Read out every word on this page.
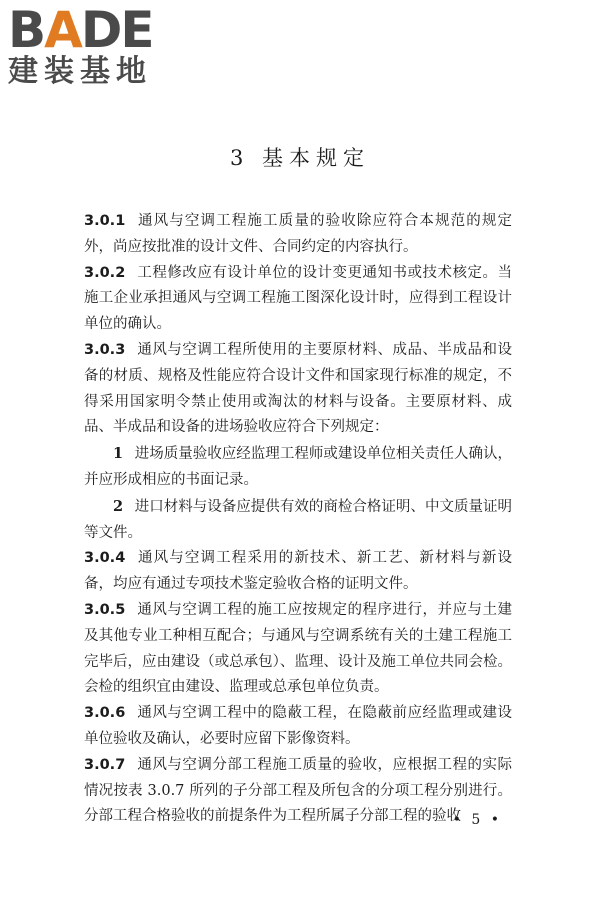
BADE
建装基地
3 基本规定

3.0.1 通风与空调工程施工质量的验收除应符合本规范的规定外，尚应按批准的设计文件、合同约定的内容执行。

3.0.2 工程修改应有设计单位的设计变更通知书或技术核定。当施工企业承担通风与空调工程施工图深化设计时，应得到工程设计单位的确认。

3.0.3 通风与空调工程所使用的主要原材料、成品、半成品和设备的材质、规格及性能应符合设计文件和国家现行标准的规定，不得采用国家明令禁止使用或淘汰的材料与设备。主要原材料、成品、半成品和设备的进场验收应符合下列规定：

1 进场质量验收应经监理工程师或建设单位相关责任人确认，并应形成相应的书面记录。

2 进口材料与设备应提供有效的商检合格证明、中文质量证明等文件。

3.0.4 通风与空调工程采用的新技术、新工艺、新材料与新设备，均应有通过专项技术鉴定验收合格的证明文件。

3.0.5 通风与空调工程的施工应按规定的程序进行，并应与土建及其他专业工种相互配合；与通风与空调系统有关的土建工程施工完毕后，应由建设（或总承包）、监理、设计及施工单位共同会检。会检的组织宜由建设、监理或总承包单位负责。

3.0.6 通风与空调工程中的隐蔽工程，在隐蔽前应经监理或建设单位验收及确认，必要时应留下影像资料。

3.0.7 通风与空调分部工程施工质量的验收，应根据工程的实际情况按表 3.0.7 所列的子分部工程及所包含的分项工程分别进行。分部工程合格验收的前提条件为工程所属子分部工程的验收

• 5 •
